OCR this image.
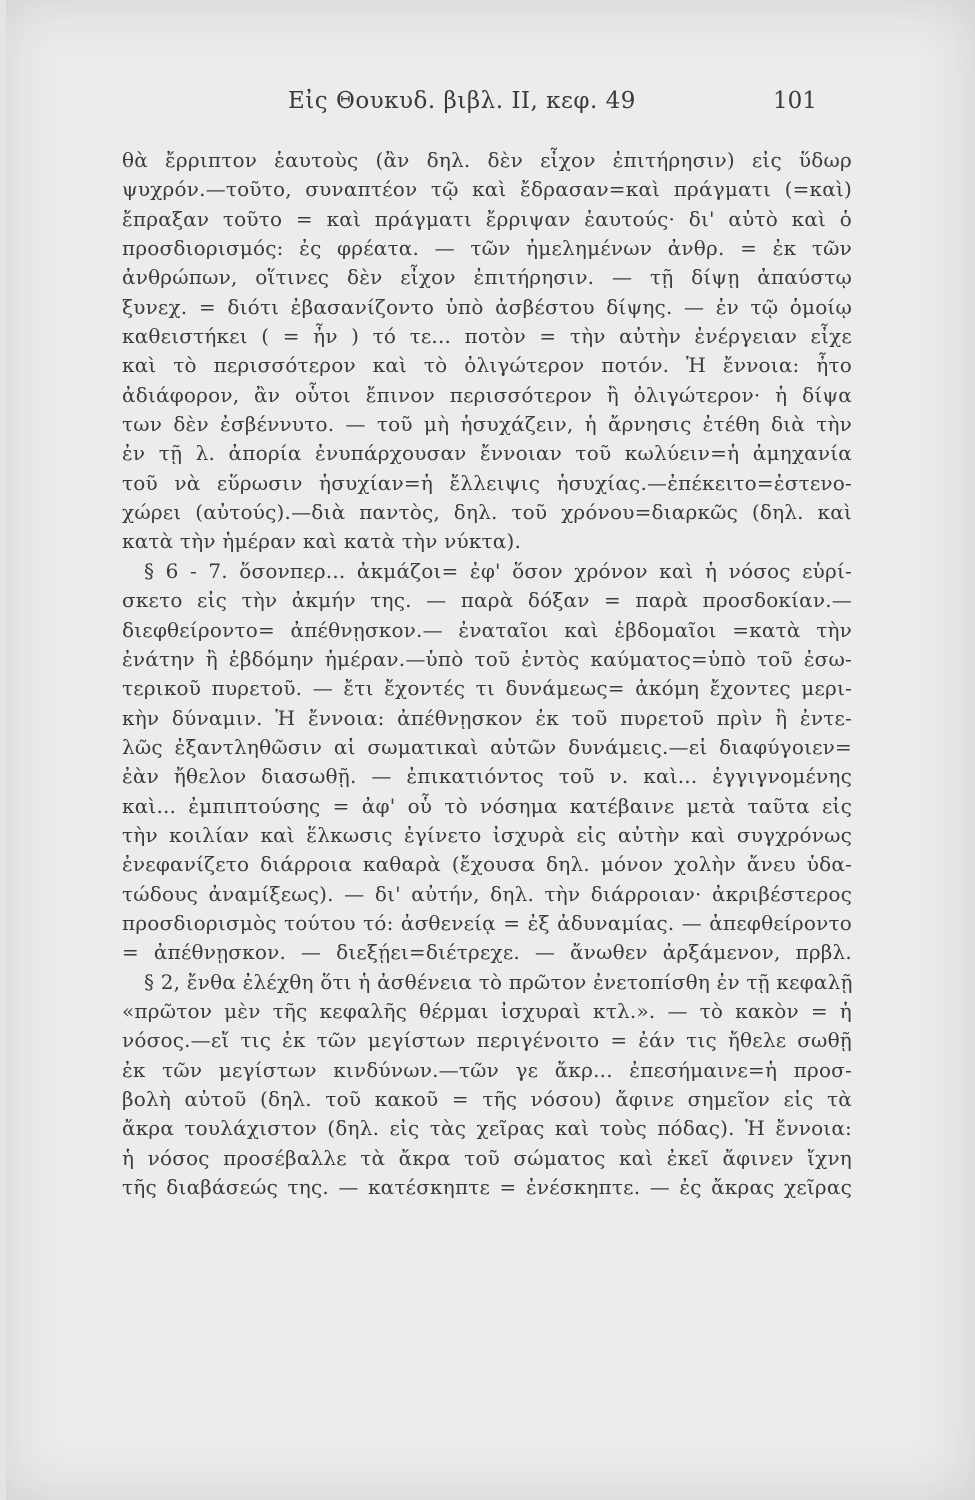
Εἰς Θουκυδ. βιβλ. ΙΙ, κεφ. 49	101
θὰ ἔρριπτον ἑαυτοὺς (ἂν δηλ. δὲν εἶχον ἐπιτήρησιν) εἰς ὕδωρ
ψυχρόν.—τοῦτο, συναπτέον τῷ καὶ ἔδρασαν=καὶ πράγματι (=καὶ)
ἔπραξαν τοῦτο = καὶ πράγματι ἔρριψαν ἑαυτούς· δι' αὐτὸ καὶ ὁ
προσδιορισμός: ἐς φρέατα. — τῶν ἠμελημένων ἀνθρ. = ἐκ τῶν
ἀνθρώπων, οἵτινες δὲν εἶχον ἐπιτήρησιν. — τῇ δίψῃ ἀπαύστῳ
ξυνεχ. = διότι ἐβασανίζοντο ὑπὸ ἀσβέστου δίψης. — ἐν τῷ ὁμοίῳ
καθειστήκει ( = ἦν ) τό τε... ποτὸν = τὴν αὐτὴν ἐνέργειαν εἶχε
καὶ τὸ περισσότερον καὶ τὸ ὀλιγώτερον ποτόν. Ἡ ἔννοια: ἦτο
ἀδιάφορον, ἂν οὗτοι ἔπινον περισσότερον ἢ ὀλιγώτερον· ἡ δίψα
των δὲν ἐσβέννυτο. — τοῦ μὴ ἡσυχάζειν, ἡ ἄρνησις ἐτέθη διὰ τὴν
ἐν τῇ λ. ἀπορία ἐνυπάρχουσαν ἔννοιαν τοῦ κωλύειν=ἡ ἀμηχανία
τοῦ νὰ εὕρωσιν ἡσυχίαν=ἡ ἔλλειψις ἡσυχίας.—ἐπέκειτο=ἐστενο-
χώρει (αὐτούς).—διὰ παντὸς, δηλ. τοῦ χρόνου=διαρκῶς (δηλ. καὶ
κατὰ τὴν ἡμέραν καὶ κατὰ τὴν νύκτα).
§ 6 - 7. ὅσονπερ... ἀκμάζοι= ἐφ' ὅσον χρόνον καὶ ἡ νόσος εὑρί-
σκετο εἰς τὴν ἀκμήν της. — παρὰ δόξαν = παρὰ προσδοκίαν.—
διεφθείροντο= ἀπέθνῃσκον.— ἐναταῖοι καὶ ἑβδομαῖοι =κατὰ τὴν
ἐνάτην ἢ ἑβδόμην ἡμέραν.—ὑπὸ τοῦ ἐντὸς καύματος=ὑπὸ τοῦ ἐσω-
τερικοῦ πυρετοῦ. — ἔτι ἔχοντές τι δυνάμεως= ἀκόμη ἔχοντες μερι-
κὴν δύναμιν. Ἡ ἔννοια: ἀπέθνῃσκον ἐκ τοῦ πυρετοῦ πρὶν ἢ ἐντε-
λῶς ἐξαντληθῶσιν αἱ σωματικαὶ αὐτῶν δυνάμεις.—εἰ διαφύγοιεν=
ἐὰν ἤθελον διασωθῇ. — ἐπικατιόντος τοῦ ν. καὶ... ἐγγιγνομένης
καὶ... ἐμπιπτούσης = ἀφ' οὗ τὸ νόσημα κατέβαινε μετὰ ταῦτα εἰς
τὴν κοιλίαν καὶ ἕλκωσις ἐγίνετο ἰσχυρὰ εἰς αὐτὴν καὶ συγχρόνως
ἐνεφανίζετο διάρροια καθαρὰ (ἔχουσα δηλ. μόνον χολὴν ἄνευ ὑδα-
τώδους ἀναμίξεως). — δι' αὐτήν, δηλ. τὴν διάρροιαν· ἀκριβέστερος
προσδιορισμὸς τούτου τό: ἀσθενείᾳ = ἐξ ἀδυναμίας. — ἀπεφθείροντο
= ἀπέθνῃσκον. — διεξῄει=διέτρεχε. — ἄνωθεν ἀρξάμενον, πρβλ.
§ 2, ἔνθα ἐλέχθη ὅτι ἡ ἀσθένεια τὸ πρῶτον ἐνετοπίσθη ἐν τῇ κεφαλῇ
«πρῶτον μὲν τῆς κεφαλῆς θέρμαι ἰσχυραὶ κτλ.». — τὸ κακὸν = ἡ
νόσος.—εἴ τις ἐκ τῶν μεγίστων περιγένοιτο = ἐάν τις ἤθελε σωθῇ
ἐκ τῶν μεγίστων κινδύνων.—τῶν γε ἄκρ... ἐπεσήμαινε=ἡ προσ-
βολὴ αὐτοῦ (δηλ. τοῦ κακοῦ = τῆς νόσου) ἄφινε σημεῖον εἰς τὰ
ἄκρα τουλάχιστον (δηλ. εἰς τὰς χεῖρας καὶ τοὺς πόδας). Ἡ ἔννοια:
ἡ νόσος προσέβαλλε τὰ ἄκρα τοῦ σώματος καὶ ἐκεῖ ἄφινεν ἴχνη
τῆς διαβάσεώς της. — κατέσκηπτε = ἐνέσκηπτε. — ἐς ἄκρας χεῖρας
